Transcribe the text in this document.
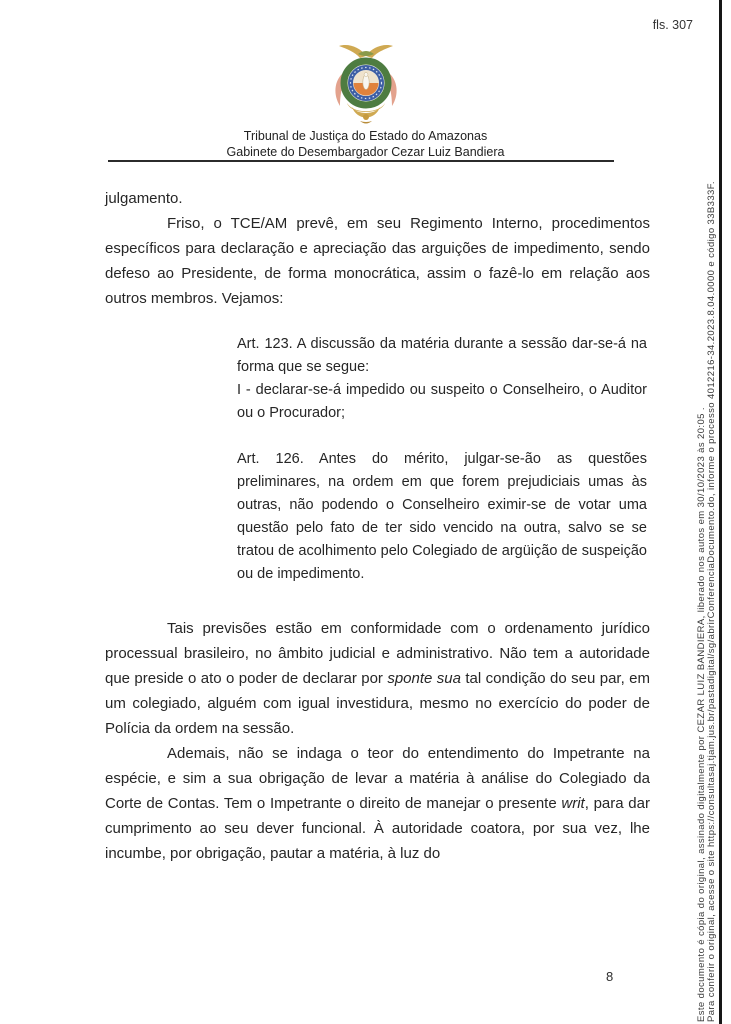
fls. 307
Tribunal de Justiça do Estado do Amazonas
Gabinete do Desembargador Cezar Luiz Bandiera

julgamento.

Friso, o TCE/AM prevê, em seu Regimento Interno, procedimentos específicos para declaração e apreciação das arguições de impedimento, sendo defeso ao Presidente, de forma monocrática, assim o fazê-lo em relação aos outros membros. Vejamos:

Art. 123. A discussão da matéria durante a sessão dar-se-á na forma que se segue:

I - declarar-se-á impedido ou suspeito o Conselheiro, o Auditor ou o Procurador;

Art. 126. Antes do mérito, julgar-se-ão as questões preliminares, na ordem em que forem prejudiciais umas às outras, não podendo o Conselheiro eximir-se de votar uma questão pelo fato de ter sido vencido na outra, salvo se se tratou de acolhimento pelo Colegiado de argüição de suspeição ou de impedimento.

Tais previsões estão em conformidade com o ordenamento jurídico processual brasileiro, no âmbito judicial e administrativo. Não tem a autoridade que preside o ato o poder de declarar por sponte sua tal condição do seu par, em um colegiado, alguém com igual investidura, mesmo no exercício do poder de Polícia da ordem na sessão.

Ademais, não se indaga o teor do entendimento do Impetrante na espécie, e sim a sua obrigação de levar a matéria à análise do Colegiado da Corte de Contas. Tem o Impetrante o direito de manejar o presente writ, para dar cumprimento ao seu dever funcional. À autoridade coatora, por sua vez, lhe incumbe, por obrigação, pautar a matéria, à luz do

8	Este documento é cópia do original, assinado digitalmente por CEZAR LUIZ BANDIERA, liberado nos autos em 30/10/2023 às 20:05 . Para conferir o original, acesse o site https://consultasaj.tjam.jus.br/pastadigital/sg/abrirConferenciaDocumento.do, informe o processo 4012216-34.2023.8.04.0000 e código 33B333F.
